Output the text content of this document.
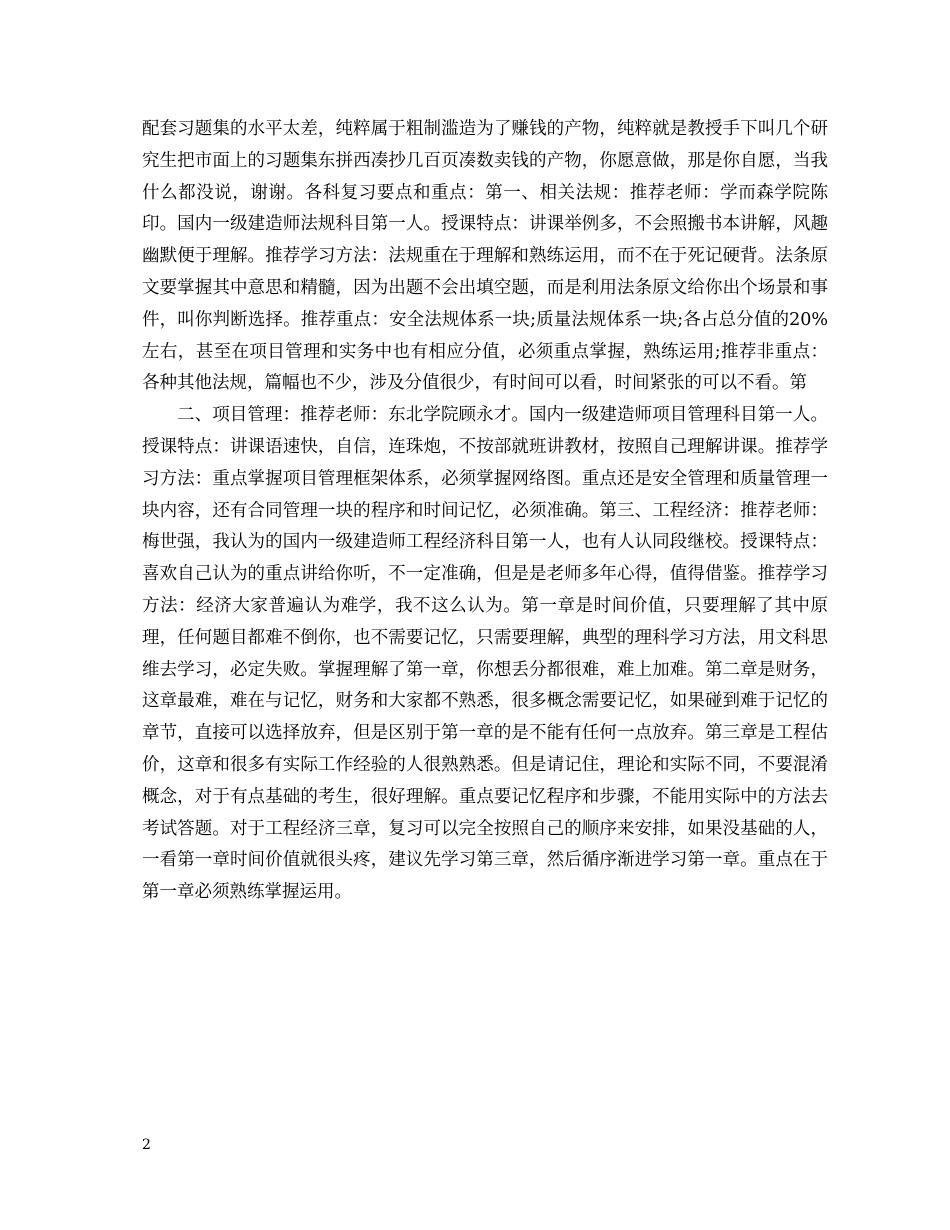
配套习题集的水平太差，纯粹属于粗制滥造为了赚钱的产物，纯粹就是教授手下叫几个研究生把市面上的习题集东拼西凑抄几百页凑数卖钱的产物，你愿意做，那是你自愿，当我什么都没说，谢谢。各科复习要点和重点：第一、相关法规：推荐老师：学而森学院陈印。国内一级建造师法规科目第一人。授课特点：讲课举例多，不会照搬书本讲解，风趣幽默便于理解。推荐学习方法：法规重在于理解和熟练运用，而不在于死记硬背。法条原文要掌握其中意思和精髓，因为出题不会出填空题，而是利用法条原文给你出个场景和事件，叫你判断选择。推荐重点：安全法规体系一块;质量法规体系一块;各占总分值的20%左右，甚至在项目管理和实务中也有相应分值，必须重点掌握，熟练运用;推荐非重点：各种其他法规，篇幅也不少，涉及分值很少，有时间可以看，时间紧张的可以不看。第

二、项目管理：推荐老师：东北学院顾永才。国内一级建造师项目管理科目第一人。授课特点：讲课语速快，自信，连珠炮，不按部就班讲教材，按照自己理解讲课。推荐学习方法：重点掌握项目管理框架体系，必须掌握网络图。重点还是安全管理和质量管理一块内容，还有合同管理一块的程序和时间记忆，必须准确。第三、工程经济：推荐老师：梅世强，我认为的国内一级建造师工程经济科目第一人，也有人认同段继校。授课特点：喜欢自己认为的重点讲给你听，不一定准确，但是是老师多年心得，值得借鉴。推荐学习方法：经济大家普遍认为难学，我不这么认为。第一章是时间价值，只要理解了其中原理，任何题目都难不倒你，也不需要记忆，只需要理解，典型的理科学习方法，用文科思维去学习，必定失败。掌握理解了第一章，你想丢分都很难，难上加难。第二章是财务，这章最难，难在与记忆，财务和大家都不熟悉，很多概念需要记忆，如果碰到难于记忆的章节，直接可以选择放弃，但是区别于第一章的是不能有任何一点放弃。第三章是工程估价，这章和很多有实际工作经验的人很熟熟悉。但是请记住，理论和实际不同，不要混淆概念，对于有点基础的考生，很好理解。重点要记忆程序和步骤，不能用实际中的方法去考试答题。对于工程经济三章，复习可以完全按照自己的顺序来安排，如果没基础的人，一看第一章时间价值就很头疼，建议先学习第三章，然后循序渐进学习第一章。重点在于第一章必须熟练掌握运用。

2
